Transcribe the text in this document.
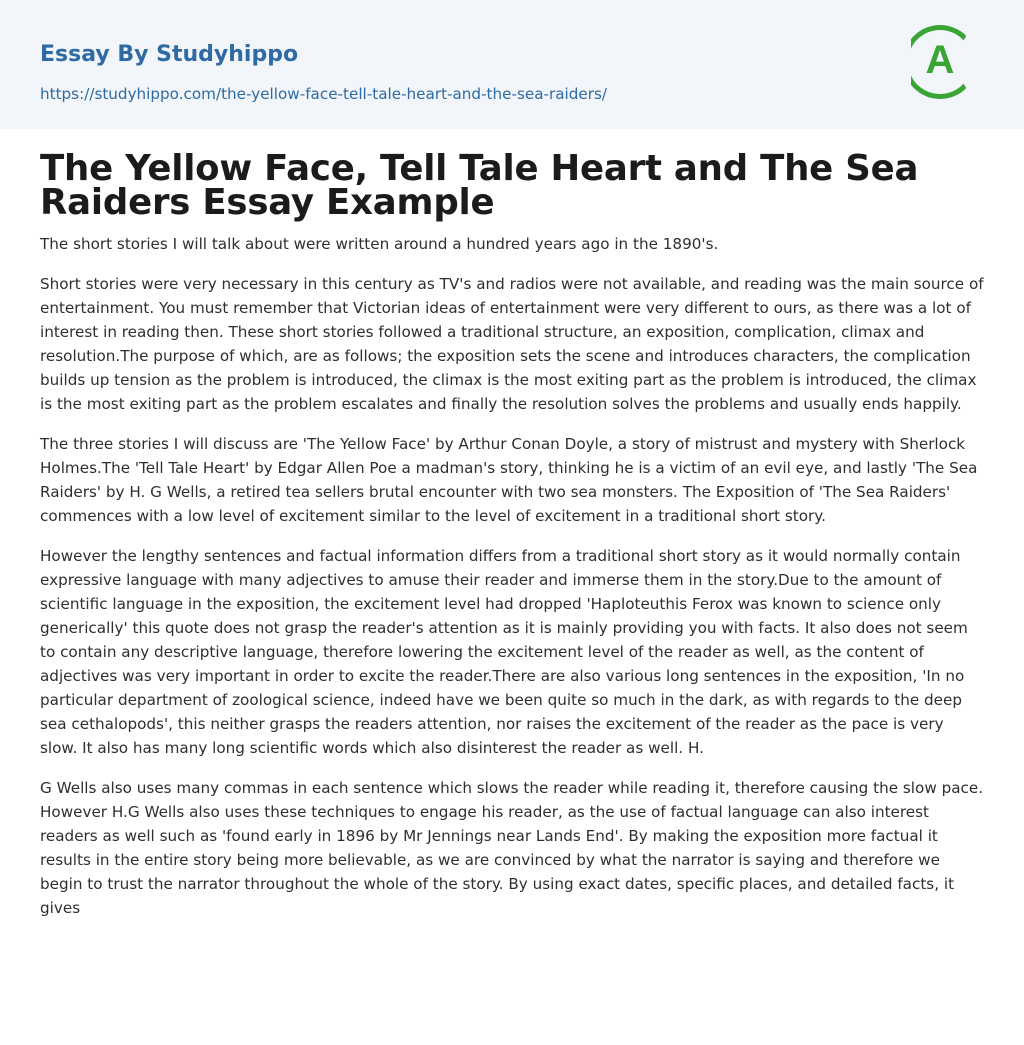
Essay By Studyhippo
https://studyhippo.com/the-yellow-face-tell-tale-heart-and-the-sea-raiders/
A
The Yellow Face, Tell Tale Heart and The Sea Raiders Essay Example

The short stories I will talk about were written around a hundred years ago in the 1890's.

Short stories were very necessary in this century as TV's and radios were not available, and reading was the main source of entertainment. You must remember that Victorian ideas of entertainment were very different to ours, as there was a lot of interest in reading then. These short stories followed a traditional structure, an exposition, complication, climax and resolution.The purpose of which, are as follows; the exposition sets the scene and introduces characters, the complication builds up tension as the problem is introduced, the climax is the most exiting part as the problem is introduced, the climax is the most exiting part as the problem escalates and finally the resolution solves the problems and usually ends happily.

The three stories I will discuss are 'The Yellow Face' by Arthur Conan Doyle, a story of mistrust and mystery with Sherlock Holmes.The 'Tell Tale Heart' by Edgar Allen Poe a madman's story, thinking he is a victim of an evil eye, and lastly 'The Sea Raiders' by H. G Wells, a retired tea sellers brutal encounter with two sea monsters. The Exposition of 'The Sea Raiders' commences with a low level of excitement similar to the level of excitement in a traditional short story.

However the lengthy sentences and factual information differs from a traditional short story as it would normally contain expressive language with many adjectives to amuse their reader and immerse them in the story.Due to the amount of scientific language in the exposition, the excitement level had dropped 'Haploteuthis Ferox was known to science only generically' this quote does not grasp the reader's attention as it is mainly providing you with facts. It also does not seem to contain any descriptive language, therefore lowering the excitement level of the reader as well, as the content of adjectives was very important in order to excite the reader.There are also various long sentences in the exposition, 'In no particular department of zoological science, indeed have we been quite so much in the dark, as with regards to the deep sea cethalopods', this neither grasps the readers attention, nor raises the excitement of the reader as the pace is very slow. It also has many long scientific words which also disinterest the reader as well. H.

G Wells also uses many commas in each sentence which slows the reader while reading it, therefore causing the slow pace. However H.G Wells also uses these techniques to engage his reader, as the use of factual language can also interest readers as well such as 'found early in 1896 by Mr Jennings near Lands End'. By making the exposition more factual it results in the entire story being more believable, as we are convinced by what the narrator is saying and therefore we begin to trust the narrator throughout the whole of the story. By using exact dates, specific places, and detailed facts, it gives
